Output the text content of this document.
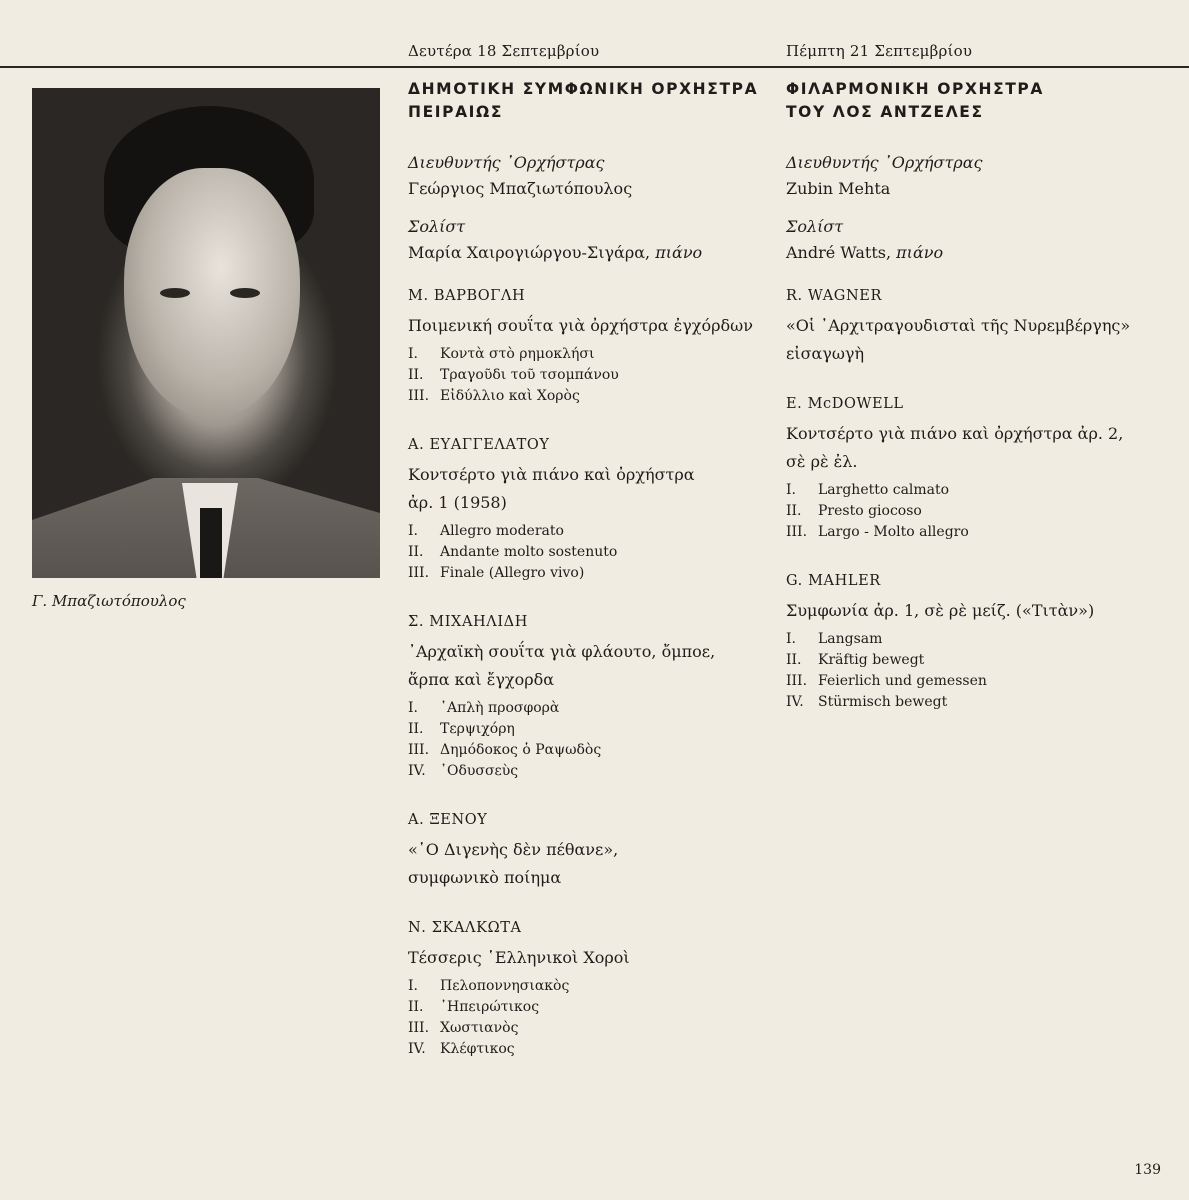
Δευτέρα 18 Σεπτεμβρίου	Πέμπτη 21 Σεπτεμβρίου
Γ. Μπαζιωτόπουλος
ΔΗΜΟΤΙΚΗ ΣΥΜΦΩΝΙΚΗ ΟΡΧΗΣΤΡΑ
ΠΕΙΡΑΙΩΣ

Διευθυντής ᾽Ορχήστρας

Γεώργιος Μπαζιωτόπουλος

Σολίστ

Μαρία Χαιρογιώργου-Σιγάρα, πιάνο

Μ. ΒΑΡΒΟΓΛΗ
Ποιμενική σουΐτα γιὰ ὀρχήστρα ἐγχόρδων
I. Κοντὰ στὸ ρημοκλήσι
II. Τραγοῦδι τοῦ τσομπάνου
III. Εἰδύλλιο καὶ Χορὸς
Α. ΕΥΑΓΓΕΛΑΤΟΥ
Κοντσέρτο γιὰ πιάνο καὶ ὀρχήστρα
ἀρ. 1 (1958)
I. Allegro moderato
II. Andante molto sostenuto
III. Finale (Allegro vivo)
Σ. ΜΙΧΑΗΛΙΔΗ
᾽Αρχαϊκὴ σουΐτα γιὰ φλάουτο, ὄμποε,
ἅρπα καὶ ἔγχορδα
I. ῾Απλὴ προσφορὰ
II. Τερψιχόρη
III. Δημόδοκος ὁ Ραψωδὸς
IV. ᾽Οδυσσεὺς
Α. ΞΕΝΟΥ
«῾Ο Διγενὴς δὲν πέθανε»,
συμφωνικὸ ποίημα
Ν. ΣΚΑΛΚΩΤΑ
Τέσσερις ῾Ελληνικοὶ Χοροὶ
I. Πελοποννησιακὸς
II. ᾽Ηπειρώτικος
III. Χωστιανὸς
IV. Κλέφτικος
ΦΙΛΑΡΜΟΝΙΚΗ ΟΡΧΗΣΤΡΑ
ΤΟΥ ΛΟΣ ΑΝΤΖΕΛΕΣ

Διευθυντής ᾽Ορχήστρας

Zubin Mehta

Σολίστ

André Watts, πιάνο

R. WAGNER
«Οἱ ᾽Αρχιτραγουδισταὶ τῆς Νυρεμβέργης»
εἰσαγωγὴ
E. McDOWELL
Κοντσέρτο γιὰ πιάνο καὶ ὀρχήστρα ἀρ. 2,
σὲ ρὲ ἐλ.
I. Larghetto calmato
II. Presto giocoso
III. Largo - Molto allegro
G. MAHLER
Συμφωνία ἀρ. 1, σὲ ρὲ μείζ. («Τιτὰν»)
I. Langsam
II. Kräftig bewegt
III. Feierlich und gemessen
IV. Stürmisch bewegt
139
